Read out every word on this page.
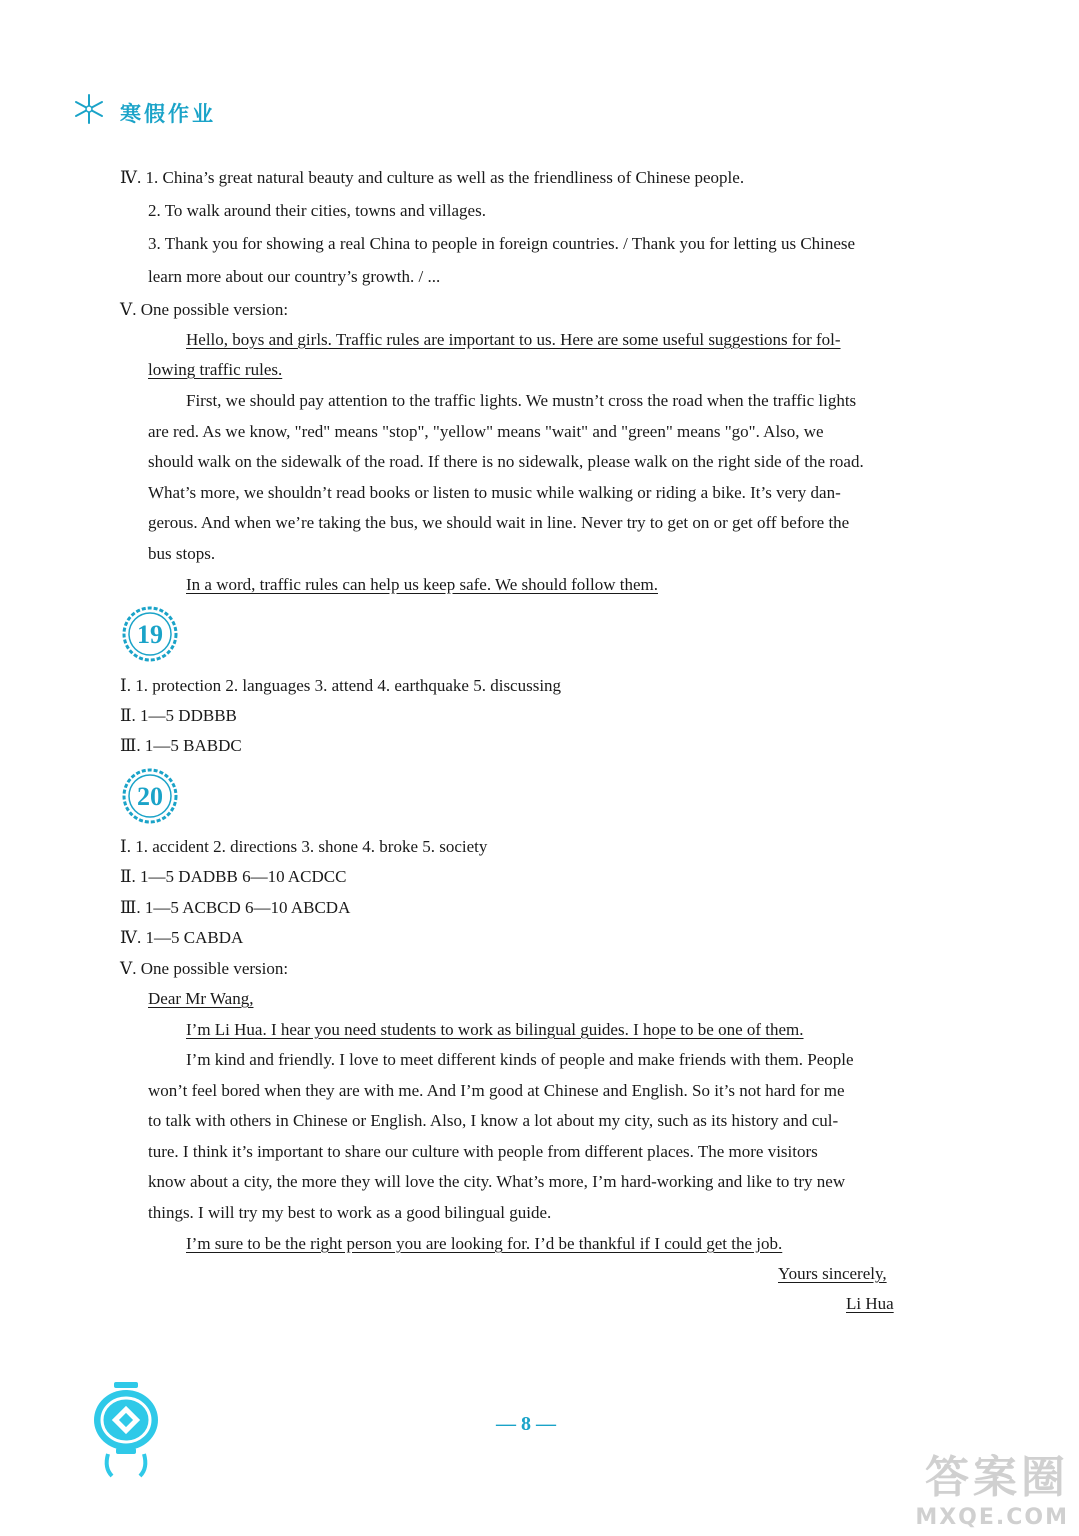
寒假作业
Ⅳ. 1. China’s great natural beauty and culture as well as the friendliness of Chinese people.
2. To walk around their cities, towns and villages.
3. Thank you for showing a real China to people in foreign countries. / Thank you for letting us Chinese
learn more about our country’s growth. / ...
Ⅴ. One possible version:
Hello, boys and girls. Traffic rules are important to us. Here are some useful suggestions for fol-
lowing traffic rules.
First, we should pay attention to the traffic lights. We mustn’t cross the road when the traffic lights
are red. As we know, "red" means "stop", "yellow" means "wait" and "green" means "go". Also, we
should walk on the sidewalk of the road. If there is no sidewalk, please walk on the right side of the road.
What’s more, we shouldn’t read books or listen to music while walking or riding a bike. It’s very dan-
gerous. And when we’re taking the bus, we should wait in line. Never try to get on or get off before the
bus stops.
In a word, traffic rules can help us keep safe. We should follow them.
19
Ⅰ. 1. protection 2. languages 3. attend 4. earthquake 5. discussing
Ⅱ. 1—5 DDBBB
Ⅲ. 1—5 BABDC
20
Ⅰ. 1. accident 2. directions 3. shone 4. broke 5. society
Ⅱ. 1—5 DADBB 6—10 ACDCC
Ⅲ. 1—5 ACBCD 6—10 ABCDA
Ⅳ. 1—5 CABDA
Ⅴ. One possible version:
Dear Mr Wang,
I’m Li Hua. I hear you need students to work as bilingual guides. I hope to be one of them.
I’m kind and friendly. I love to meet different kinds of people and make friends with them. People
won’t feel bored when they are with me. And I’m good at Chinese and English. So it’s not hard for me
to talk with others in Chinese or English. Also, I know a lot about my city, such as its history and cul-
ture. I think it’s important to share our culture with people from different places. The more visitors
know about a city, the more they will love the city. What’s more, I’m hard-working and like to try new
things. I will try my best to work as a good bilingual guide.
I’m sure to be the right person you are looking for. I’d be thankful if I could get the job.
Yours sincerely,
Li Hua
— 8 —
答案圈
MXQE.COM
